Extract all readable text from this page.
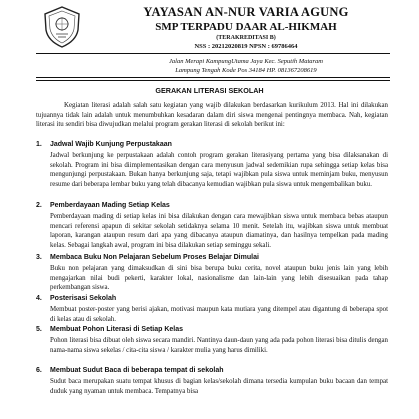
YAYASAN AN-NUR VARIA AGUNG
SMP TERPADU DAAR AL-HIKMAH
(TERAKREDITASI B)
NSS : 20212020819 NPSN : 69786464
Jalan Merapi KampungUtama Jaya Kec. Seputih Mataram
Lampung Tengah Kode Pos 34184 HP. 081367208619
GERAKAN LITERASI SEKOLAH
Kegiatan literasi adalah salah satu kegiatan yang wajib dilakukan berdasarkan kurikulum 2013. Hal ini dilakukan tujuannya tidak lain adalah untuk menumbuhkan kesadaran dalam diri siswa mengenai pentingnya membaca. Nah, kegiatan literasi itu sendiri bisa diwujudkan melalui program gerakan literasi di sekolah berikut ini:
1. Jadwal Wajib Kunjung Perpustakaan
Jadwal berkunjung ke perpustakaan adalah contoh program gerakan literasiyang pertama yang bisa dilaksanakan di sekolah. Program ini bisa diimplementasikan dengan cara menyusun jadwal sedemikian rupa sehingga setiap kelas bisa mengunjungi perpustakaan. Bukan hanya berkunjung saja, tetapi wajibkan pula siswa untuk meminjam buku, menyusun resume dari beberapa lembar buku yang telah dibacanya kemudian wajibkan pula siswa untuk mengembalikan buku.
2. Pemberdayaan Mading Setiap Kelas
Pemberdayaan mading di setiap kelas ini bisa dilakukan dengan cara mewajibkan siswa untuk membaca bebas ataupun mencari referensi apapun di sekitar sekolah setidaknya selama 10 menit. Setelah itu, wajibkan siswa untuk membuat laporan, karangan ataupun resum dari apa yang dibacanya ataupun diamatinya, dan hasilnya tempelkan pada mading kelas. Sebagai langkah awal, program ini bisa dilakukan setiap seminggu sekali.
3. Membaca Buku Non Pelajaran Sebelum Proses Belajar Dimulai
Buku non pelajaran yang dimaksudkan di sini bisa berupa buku cerita, novel ataupun buku jenis lain yang lebih mengajarkan nilai budi pekerti, karakter lokal, nasionalisme dan lain-lain yang lebih disesuaikan pada tahap perkembangan siswa.
4. Posterisasi Sekolah
Membuat poster-poster yang berisi ajakan, motivasi maupun kata mutiara yang ditempel atau digantung di beberapa spot di kelas atau di sekolah.
5. Membuat Pohon Literasi di Setiap Kelas
Pohon literasi bisa dibuat oleh siswa secara mandiri. Nantinya daun-daun yang ada pada pohon literasi bisa ditulis dengan nama-nama siswa sekelas / cita-cita siswa / karakter mulia yang harus dimiliki.
6. Membuat Sudut Baca di beberapa tempat di sekolah
Sudut baca merupakan suatu tempat khusus di bagian kelas/sekolah dimana tersedia kumpulan buku bacaan dan tempat duduk yang nyaman untuk membaca. Tempatnya bisa
